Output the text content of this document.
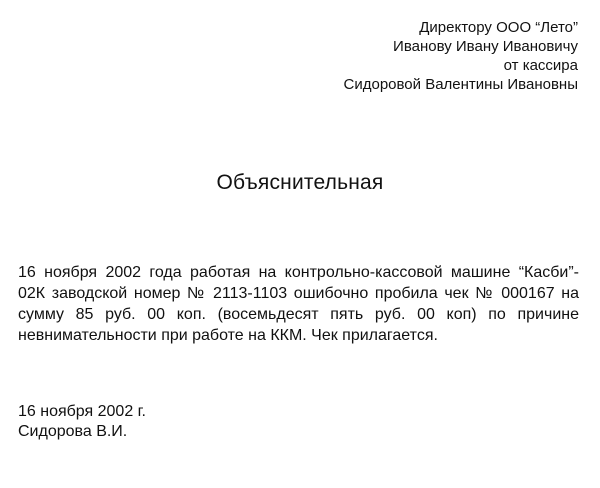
Директору ООО “Лето”
Иванову Ивану Ивановичу
от кассира
Сидоровой Валентины Ивановны
Объяснительная
16 ноября 2002 года работая на контрольно-кассовой машине “Касби”-
02К заводской номер № 2113-1103 ошибочно пробила чек № 000167 на
сумму 85 руб. 00 коп. (восемьдесят пять руб. 00 коп) по причине
невнимательности при работе на ККМ. Чек прилагается.
16 ноября 2002 г.
Сидорова В.И.
